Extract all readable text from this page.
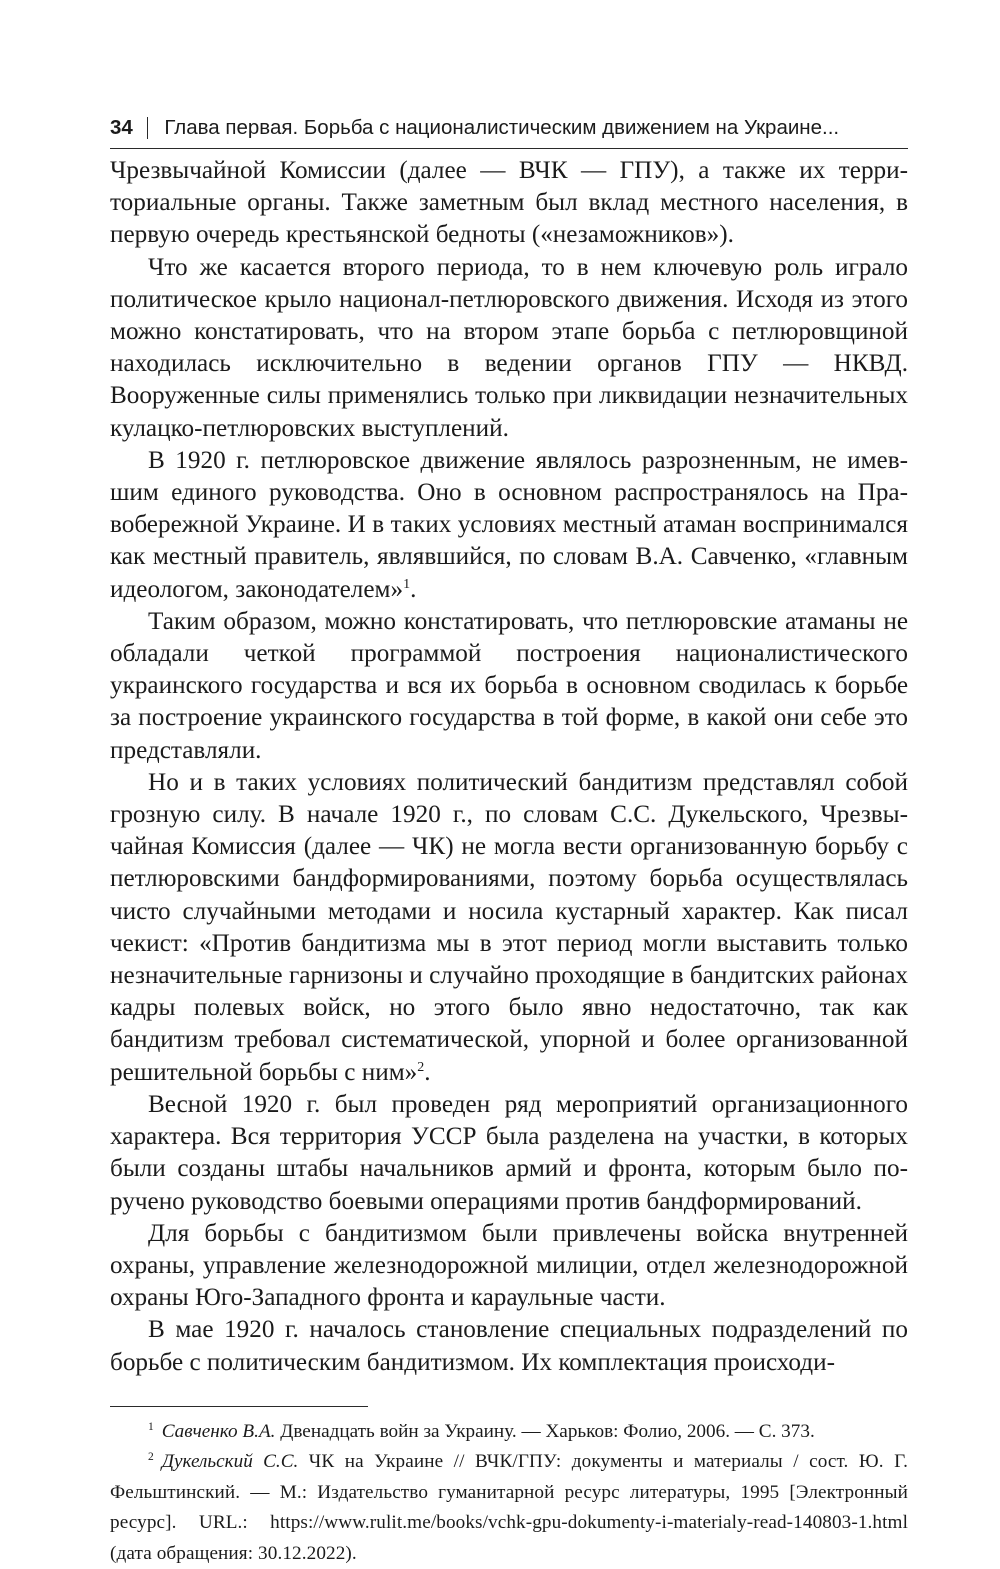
34 Глава первая. Борьба с националистическим движением на Украине...

Чрезвычайной Комиссии (далее — ВЧК — ГПУ), а также их территориальные органы. Также заметным был вклад местного населения, в первую очередь крестьянской бедноты («незаможников»).

Что же касается второго периода, то в нем ключевую роль играло политическое крыло национал-петлюровского движения. Исходя из этого можно констатировать, что на втором этапе борьба с петлюровщиной находилась исключительно в ведении органов ГПУ — НКВД. Вооруженные силы применялись только при ликвидации незначительных кулацко-петлюровских выступлений.

В 1920 г. петлюровское движение являлось разрозненным, не имевшим единого руководства. Оно в основном распространялось на Правобережной Украине. И в таких условиях местный атаман воспринимался как местный правитель, являвшийся, по словам В.А. Савченко, «главным идеологом, законодателем»$^1$.

Таким образом, можно констатировать, что петлюровские атаманы не обладали четкой программой построения националистического украинского государства и вся их борьба в основном сводилась к борьбе за построение украинского государства в той форме, в какой они себе это представляли.

Но и в таких условиях политический бандитизм представлял собой грозную силу. В начале 1920 г., по словам С.С. Дукельского, Чрезвычайная Комиссия (далее — ЧК) не могла вести организованную борьбу с петлюровскими бандформированиями, поэтому борьба осуществлялась чисто случайными методами и носила кустарный характер. Как писал чекист: «Против бандитизма мы в этот период могли выставить только незначительные гарнизоны и случайно проходящие в бандитских районах кадры полевых войск, но этого было явно недостаточно, так как бандитизм требовал систематической, упорной и более организованной решительной борьбы с ним»$^2$.

Весной 1920 г. был проведен ряд мероприятий организационного характера. Вся территория УССР была разделена на участки, в которых были созданы штабы начальников армий и фронта, которым было поручено руководство боевыми операциями против бандформирований.

Для борьбы с бандитизмом были привлечены войска внутренней охраны, управление железнодорожной милиции, отдел железнодорожной охраны Юго-Западного фронта и караульные части.

В мае 1920 г. началось становление специальных подразделений по борьбе с политическим бандитизмом. Их комплектация происходи-

$^1$ Савченко В.А. Двенадцать войн за Украину. — Харьков: Фолио, 2006. — С. 373.

$^2$ Дукельский С.С. ЧК на Украине // ВЧК/ГПУ: документы и материалы / сост. Ю. Г. Фельштинский. — М.: Издательство гуманитарной ресурс литературы, 1995 [Электронный ресурс]. URL.: https://www.rulit.me/books/vchk-gpu-dokumenty-i-materialy-read-140803-1.html (дата обращения: 30.12.2022).
